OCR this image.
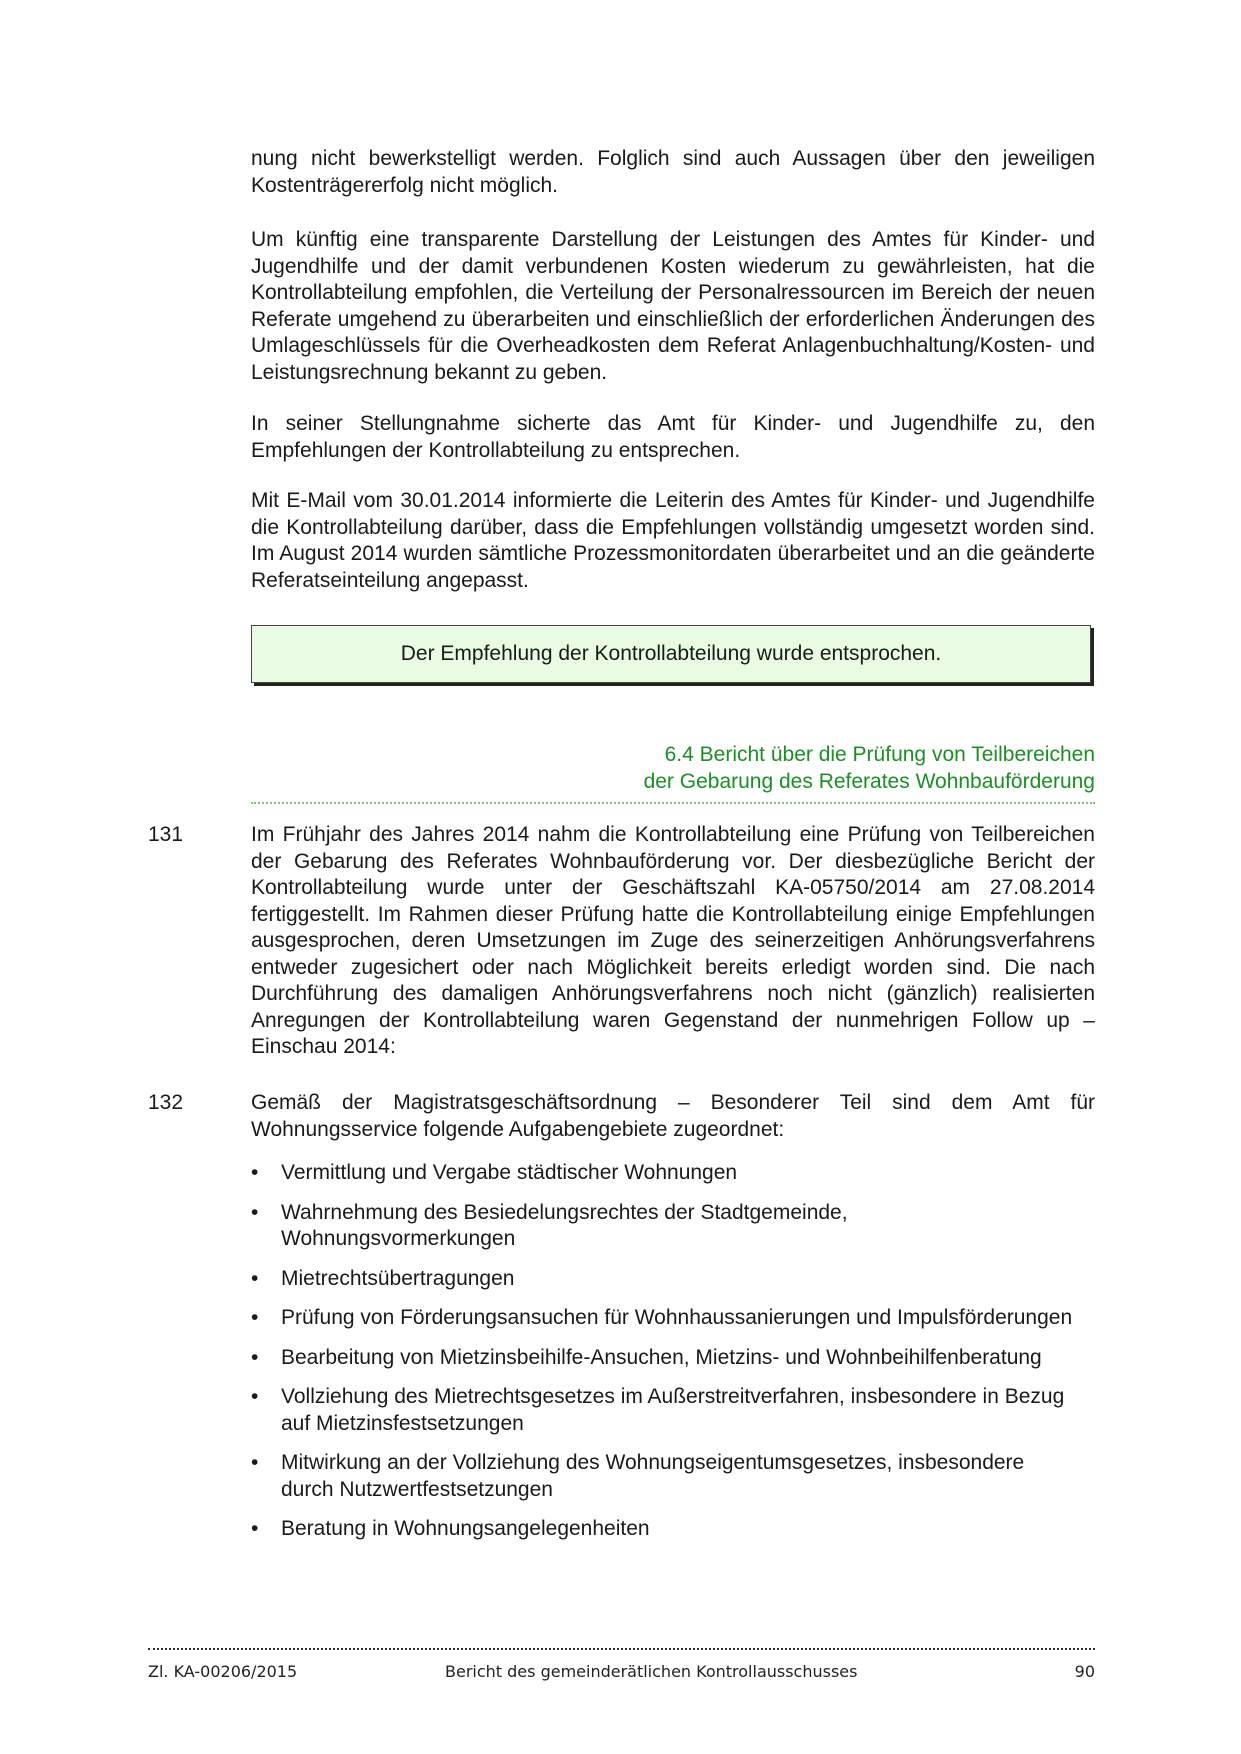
nung nicht bewerkstelligt werden. Folglich sind auch Aussagen über den jeweiligen Kostenträgererfolg nicht möglich.

Um künftig eine transparente Darstellung der Leistungen des Amtes für Kinder- und Jugendhilfe und der damit verbundenen Kosten wiederum zu gewährleisten, hat die Kontrollabteilung empfohlen, die Verteilung der Personalressourcen im Bereich der neuen Referate umgehend zu überarbeiten und einschließlich der erforderlichen Änderungen des Umlageschlüssels für die Overheadkosten dem Referat Anlagenbuchhaltung/Kosten- und Leistungsrechnung bekannt zu geben.

In seiner Stellungnahme sicherte das Amt für Kinder- und Jugendhilfe zu, den Empfehlungen der Kontrollabteilung zu entsprechen.

Mit E-Mail vom 30.01.2014 informierte die Leiterin des Amtes für Kinder- und Jugendhilfe die Kontrollabteilung darüber, dass die Empfehlungen vollständig umgesetzt worden sind. Im August 2014 wurden sämtliche Prozessmonitordaten überarbeitet und an die geänderte Referatseinteilung angepasst.

Der Empfehlung der Kontrollabteilung wurde entsprochen.
6.4 Bericht über die Prüfung von Teilbereichen
der Gebarung des Referates Wohnbauförderung
131	Im Frühjahr des Jahres 2014 nahm die Kontrollabteilung eine Prüfung von Teilbereichen der Gebarung des Referates Wohnbauförderung vor. Der diesbezügliche Bericht der Kontrollabteilung wurde unter der Geschäftszahl KA-05750/2014 am 27.08.2014 fertiggestellt. Im Rahmen dieser Prüfung hatte die Kontrollabteilung einige Empfehlungen ausgesprochen, deren Umsetzungen im Zuge des seinerzeitigen Anhörungsverfahrens entweder zugesichert oder nach Möglichkeit bereits erledigt worden sind. Die nach Durchführung des damaligen Anhörungsverfahrens noch nicht (gänzlich) realisierten Anregungen der Kontrollabteilung waren Gegenstand der nunmehrigen Follow up – Einschau 2014:

132	Gemäß der Magistratsgeschäftsordnung – Besonderer Teil sind dem Amt für Wohnungsservice folgende Aufgabengebiete zugeordnet:

• Vermittlung und Vergabe städtischer Wohnungen
• Wahrnehmung des Besiedelungsrechtes der Stadtgemeinde, Wohnungsvormerkungen
• Mietrechtsübertragungen
• Prüfung von Förderungsansuchen für Wohnhaussanierungen und Impulsförderungen
• Bearbeitung von Mietzinsbeihilfe-Ansuchen, Mietzins- und Wohnbeihilfenberatung
• Vollziehung des Mietrechtsgesetzes im Außerstreitverfahren, insbesondere in Bezug auf Mietzinsfestsetzungen
• Mitwirkung an der Vollziehung des Wohnungseigentumsgesetzes, insbesondere durch Nutzwertfestsetzungen
• Beratung in Wohnungsangelegenheiten
Zl. KA-00206/2015	Bericht des gemeinderätlichen Kontrollausschusses	90
